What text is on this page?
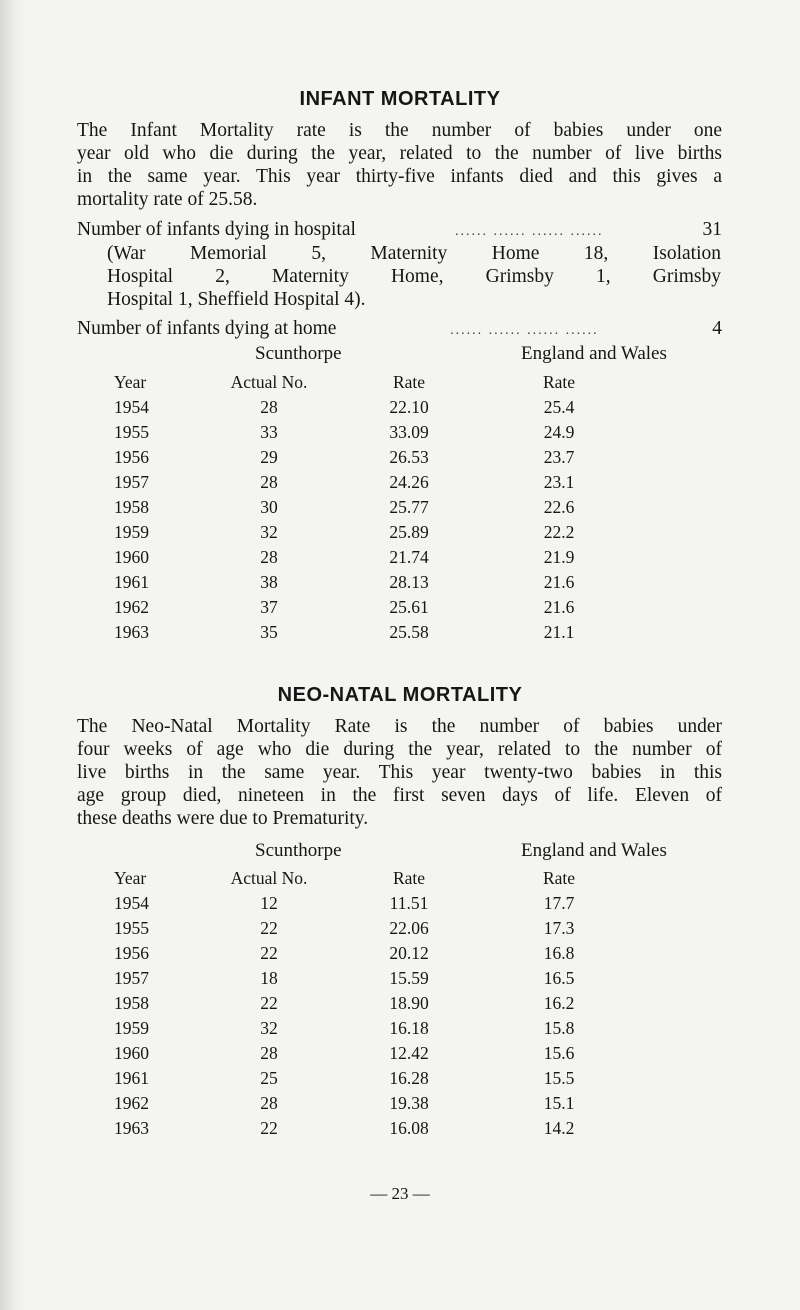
INFANT MORTALITY
The Infant Mortality rate is the number of babies under one
year old who die during the year, related to the number of live births
in the same year. This year thirty-five infants died and this gives a
mortality rate of 25.58.
Number of infants dying in hospital	...... ...... ...... ......	31
(War Memorial 5, Maternity Home 18, Isolation
Hospital 2, Maternity Home, Grimsby 1, Grimsby
Hospital 1, Sheffield Hospital 4).
Number of infants dying at home	...... ...... ...... ......	4
Scunthorpe	England and Wales
Year	Actual No.	Rate	Rate
1954	28	22.10	25.4
1955	33	33.09	24.9
1956	29	26.53	23.7
1957	28	24.26	23.1
1958	30	25.77	22.6
1959	32	25.89	22.2
1960	28	21.74	21.9
1961	38	28.13	21.6
1962	37	25.61	21.6
1963	35	25.58	21.1
NEO-NATAL MORTALITY
The Neo-Natal Mortality Rate is the number of babies under
four weeks of age who die during the year, related to the number of
live births in the same year. This year twenty-two babies in this
age group died, nineteen in the first seven days of life. Eleven of
these deaths were due to Prematurity.
Scunthorpe	England and Wales
Year	Actual No.	Rate	Rate
1954	12	11.51	17.7
1955	22	22.06	17.3
1956	22	20.12	16.8
1957	18	15.59	16.5
1958	22	18.90	16.2
1959	32	16.18	15.8
1960	28	12.42	15.6
1961	25	16.28	15.5
1962	28	19.38	15.1
1963	22	16.08	14.2
— 23 —
